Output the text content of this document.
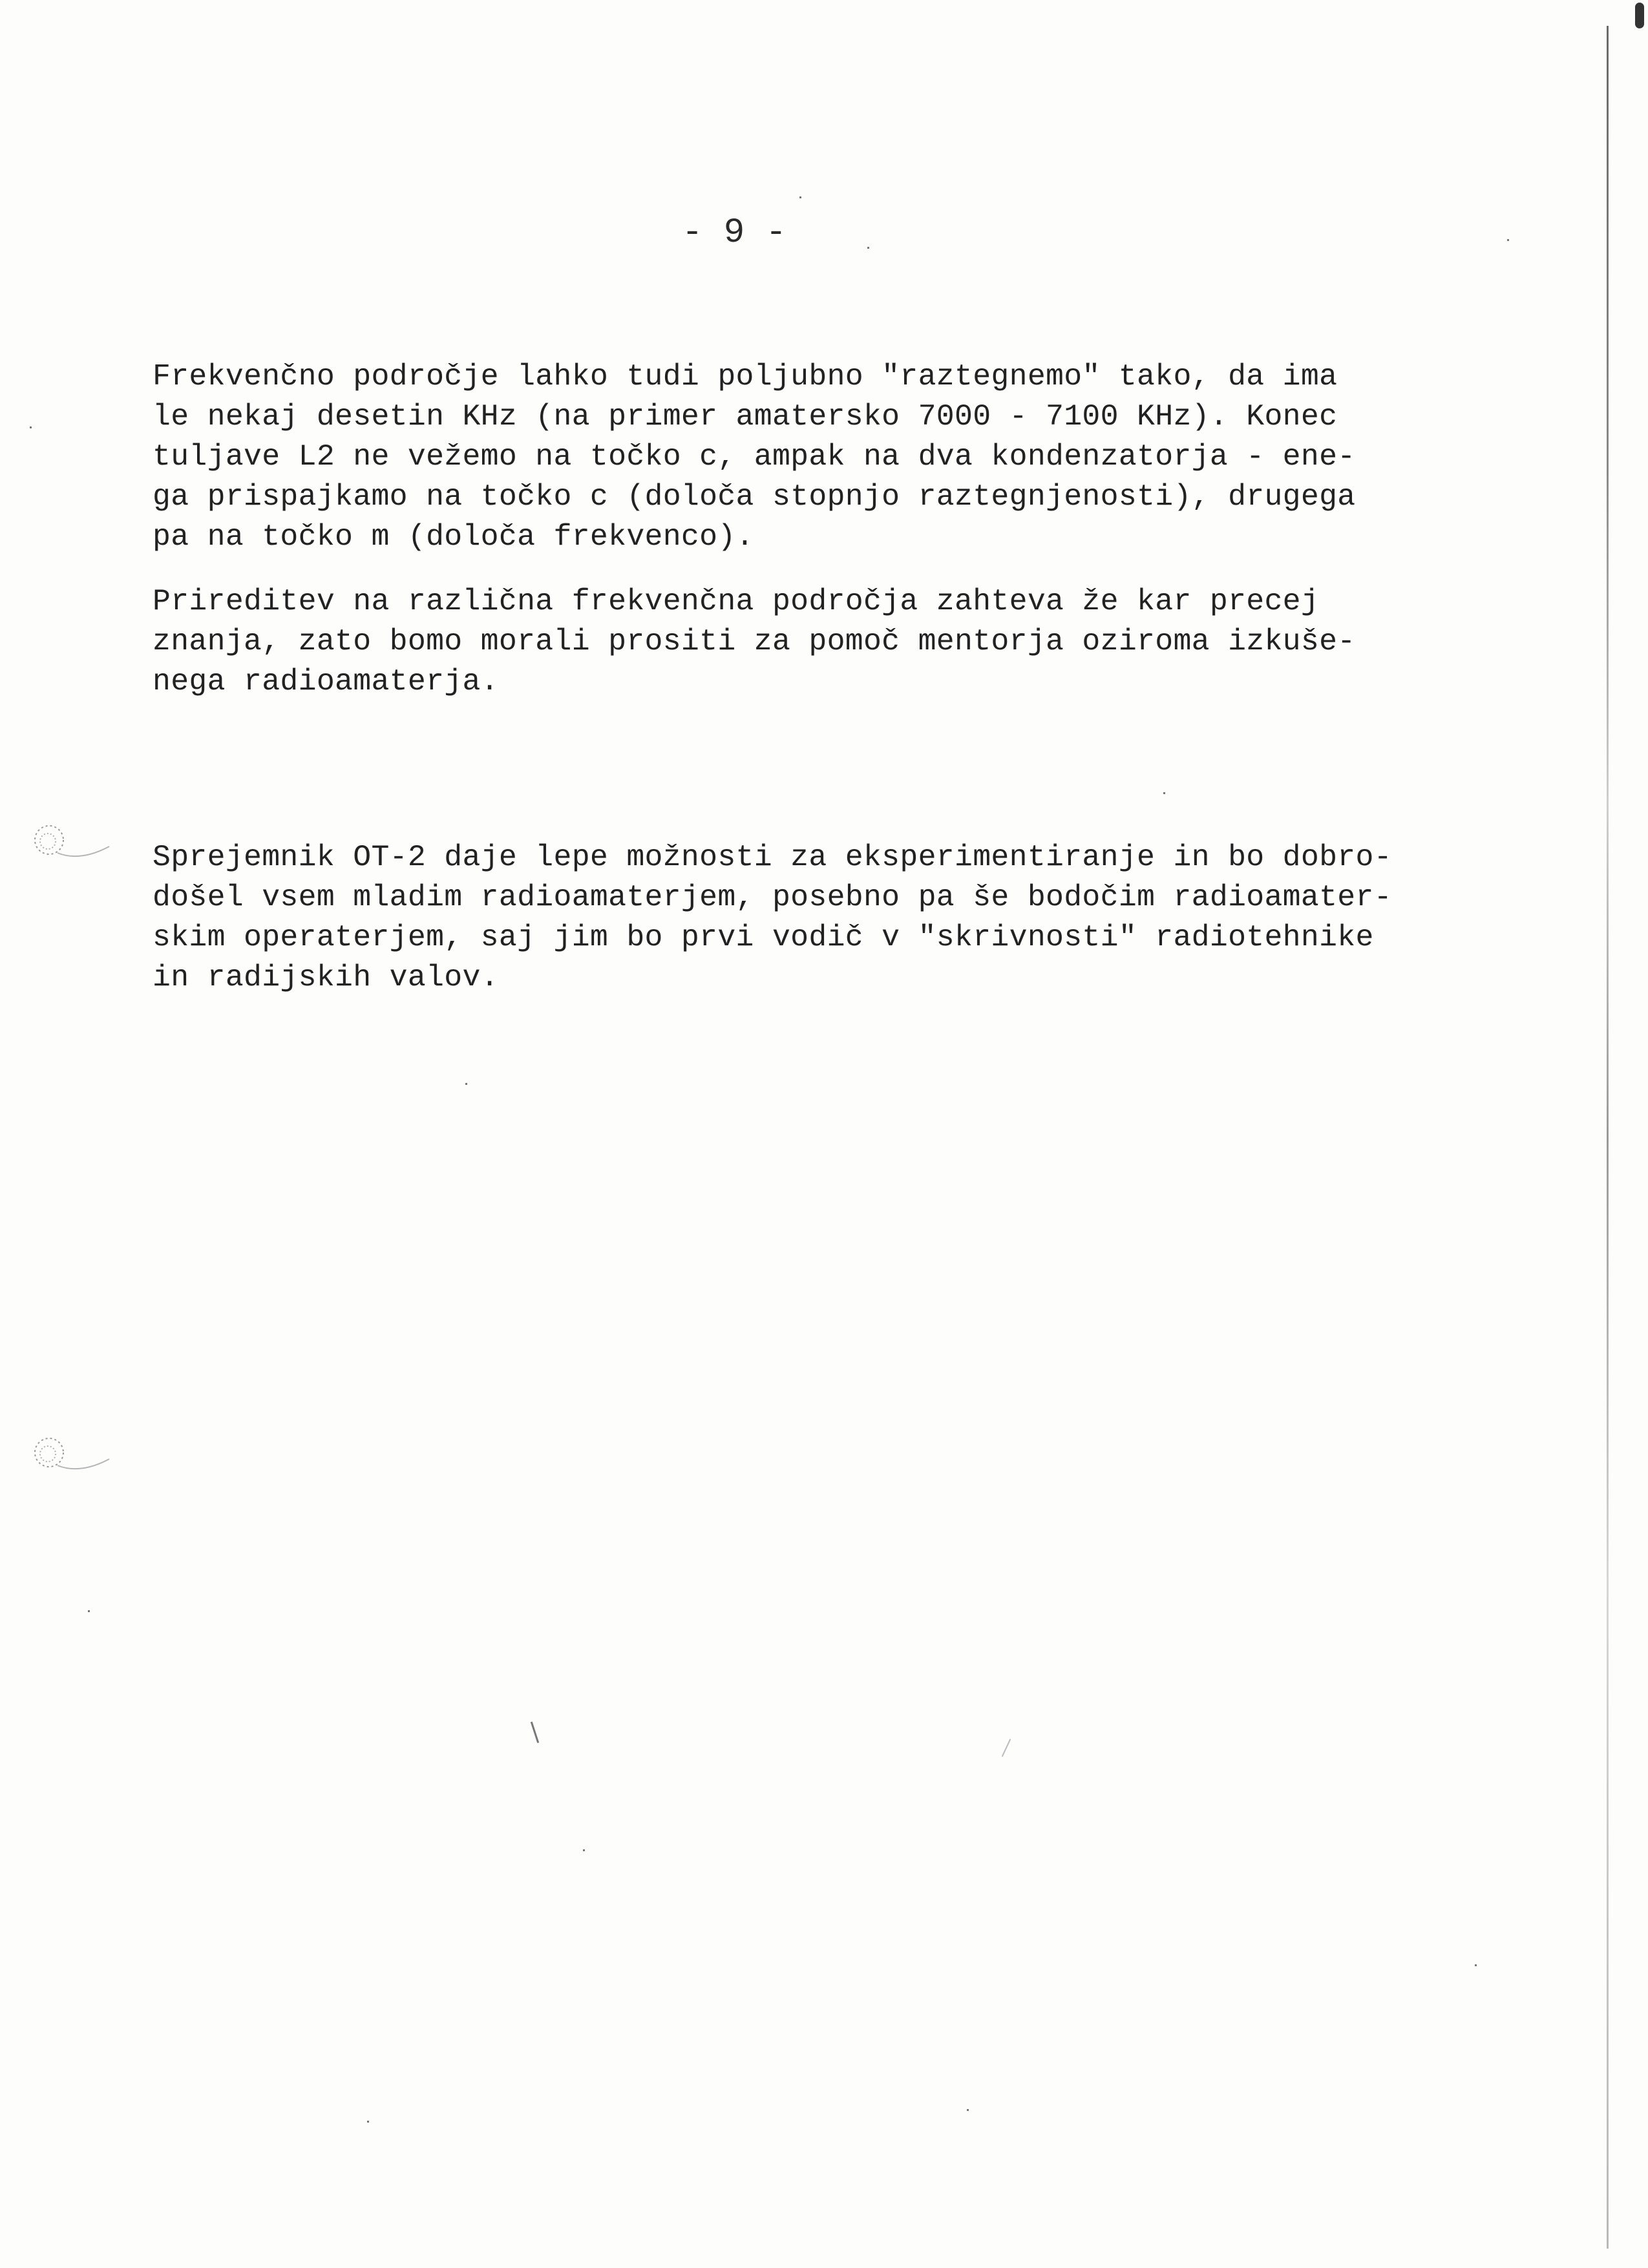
- 9 -
Frekvenčno področje lahko tudi poljubno "raztegnemo" tako, da ima
le nekaj desetin KHz (na primer amatersko 7000 - 7100 KHz). Konec
tuljave L2 ne vežemo na točko c, ampak na dva kondenzatorja - ene-
ga prispajkamo na točko c (določa stopnjo raztegnjenosti), drugega
pa na točko m (določa frekvenco).
Prireditev na različna frekvenčna področja zahteva že kar precej
znanja, zato bomo morali prositi za pomoč mentorja oziroma izkuše-
nega radioamaterja.
Sprejemnik OT-2 daje lepe možnosti za eksperimentiranje in bo dobro-
došel vsem mladim radioamaterjem, posebno pa še bodočim radioamater-
skim operaterjem, saj jim bo prvi vodič v "skrivnosti" radiotehnike
in radijskih valov.
